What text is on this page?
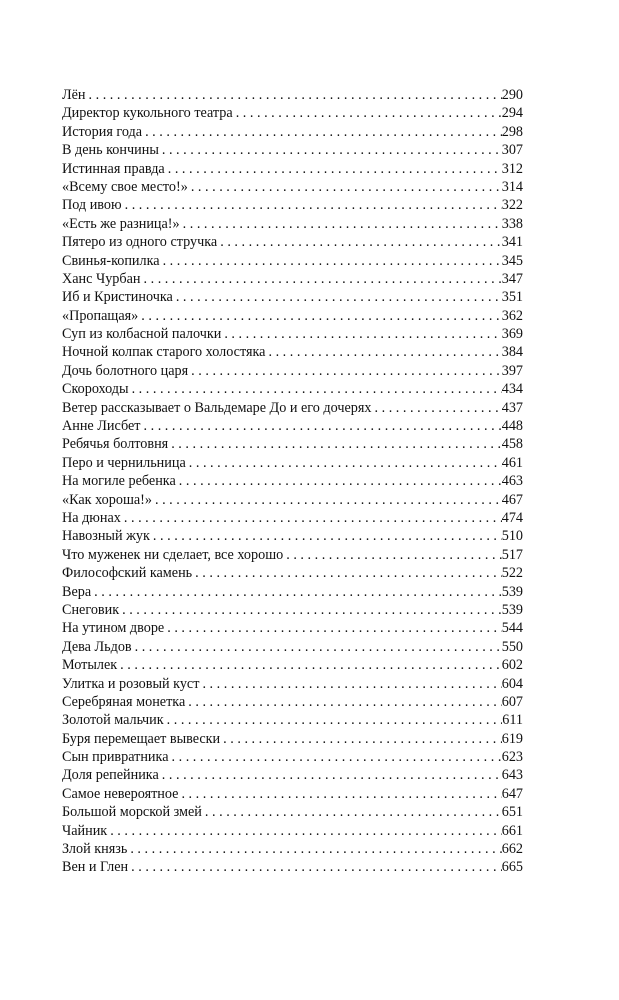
Лён . . .	290
Директор кукольного театра . . .	294
История года . . .	298
В день кончины . . .	307
Истинная правда . . .	312
«Всему свое место!» . . .	314
Под ивою . . .	322
«Есть же разница!» . . .	338
Пятеро из одного стручка . . .	341
Свинья-копилка . . .	345
Ханс Чурбан . . .	347
Иб и Кристиночка . . .	351
«Пропащая» . . .	362
Суп из колбасной палочки . . .	369
Ночной колпак старого холостяка . . .	384
Дочь болотного царя . . .	397
Скороходы . . .	434
Ветер рассказывает о Вальдемаре До и его дочерях . . .	437
Анне Лисбет . . .	448
Ребячья болтовня . . .	458
Перо и чернильница . . .	461
На могиле ребенка . . .	463
«Как хороша!» . . .	467
На дюнах . . .	474
Навозный жук . . .	510
Что муженек ни сделает, все хорошо . . .	517
Философский камень . . .	522
Вера . . .	539
Снеговик . . .	539
На утином дворе . . .	544
Дева Льдов . . .	550
Мотылек . . .	602
Улитка и розовый куст . . .	604
Серебряная монетка . . .	607
Золотой мальчик . . .	611
Буря перемещает вывески . . .	619
Сын привратника . . .	623
Доля репейника . . .	643
Самое невероятное . . .	647
Большой морской змей . . .	651
Чайник . . .	661
Злой князь . . .	662
Вен и Глен . . .	665
